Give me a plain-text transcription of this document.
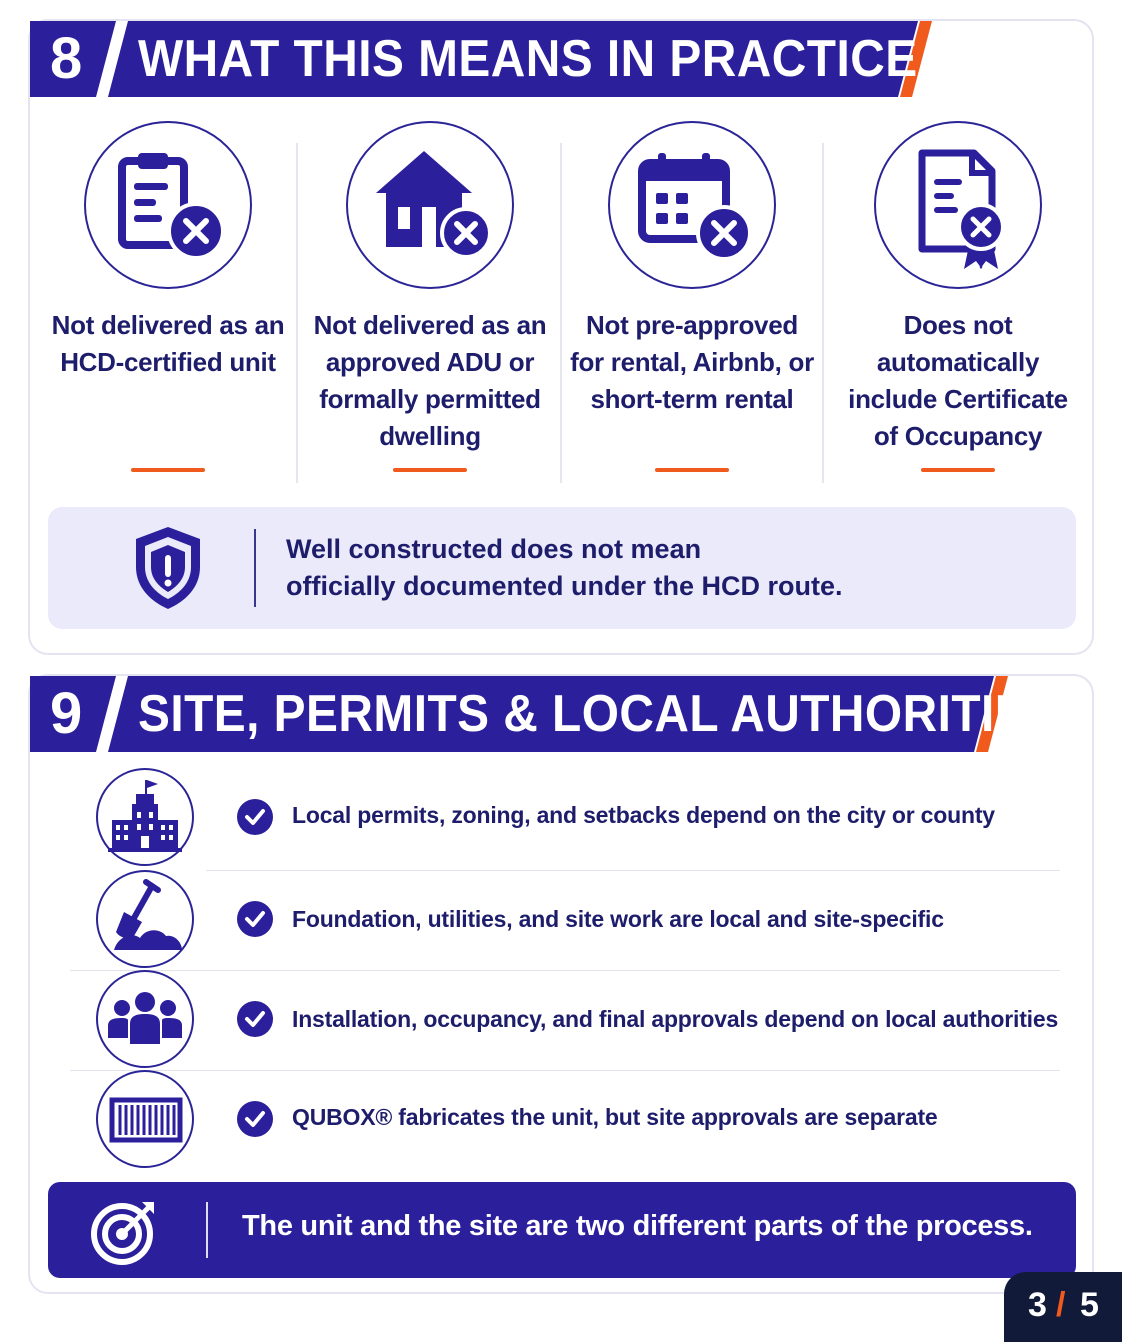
8 WHAT THIS MEANS IN PRACTICE
Not delivered as an HCD-certified unit
Not delivered as an approved ADU or formally permitted dwelling
Not pre-approved for rental, Airbnb, or short-term rental
Does not automatically include Certificate of Occupancy
Well constructed does not mean
officially documented under the HCD route.
9 SITE, PERMITS & LOCAL AUTHORITIES
Local permits, zoning, and setbacks depend on the city or county
Foundation, utilities, and site work are local and site-specific
Installation, occupancy, and final approvals depend on local authorities
QUBOX® fabricates the unit, but site approvals are separate
The unit and the site are two different parts of the process.
3 / 5
